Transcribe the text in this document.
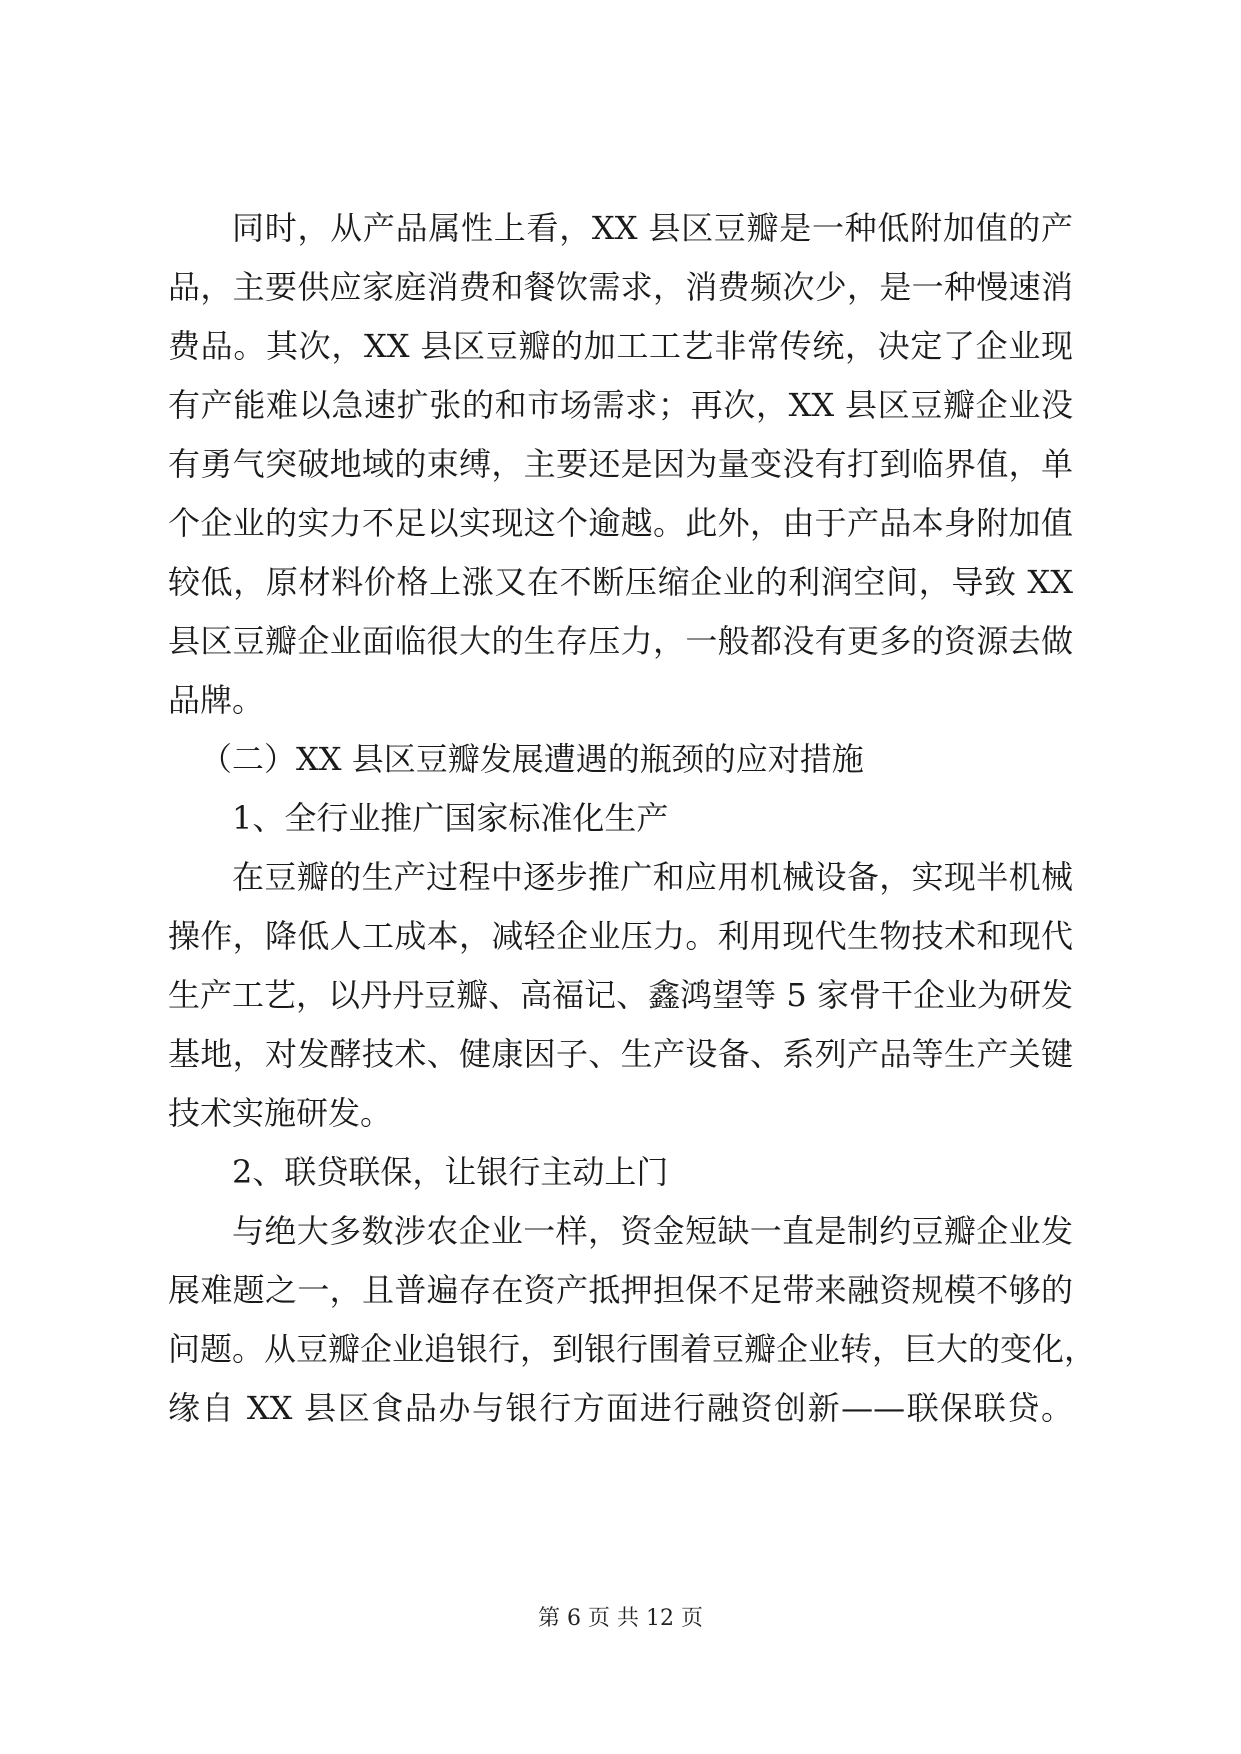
同时，从产品属性上看，XX 县区豆瓣是一种低附加值的产
品，主要供应家庭消费和餐饮需求，消费频次少，是一种慢速消
费品。其次，XX 县区豆瓣的加工工艺非常传统，决定了企业现
有产能难以急速扩张的和市场需求；再次，XX 县区豆瓣企业没
有勇气突破地域的束缚，主要还是因为量变没有打到临界值，单
个企业的实力不足以实现这个逾越。此外，由于产品本身附加值
较低，原材料价格上涨又在不断压缩企业的利润空间，导致 XX
县区豆瓣企业面临很大的生存压力，一般都没有更多的资源去做
品牌。
（二）XX 县区豆瓣发展遭遇的瓶颈的应对措施
1、全行业推广国家标准化生产
在豆瓣的生产过程中逐步推广和应用机械设备，实现半机械
操作，降低人工成本，减轻企业压力。利用现代生物技术和现代
生产工艺，以丹丹豆瓣、高福记、鑫鸿望等 5 家骨干企业为研发
基地，对发酵技术、健康因子、生产设备、系列产品等生产关键
技术实施研发。
2、联贷联保，让银行主动上门
与绝大多数涉农企业一样，资金短缺一直是制约豆瓣企业发
展难题之一，且普遍存在资产抵押担保不足带来融资规模不够的
问题。从豆瓣企业追银行，到银行围着豆瓣企业转，巨大的变化，
缘自 XX 县区食品办与银行方面进行融资创新——联保联贷。
第 6 页 共 12 页
